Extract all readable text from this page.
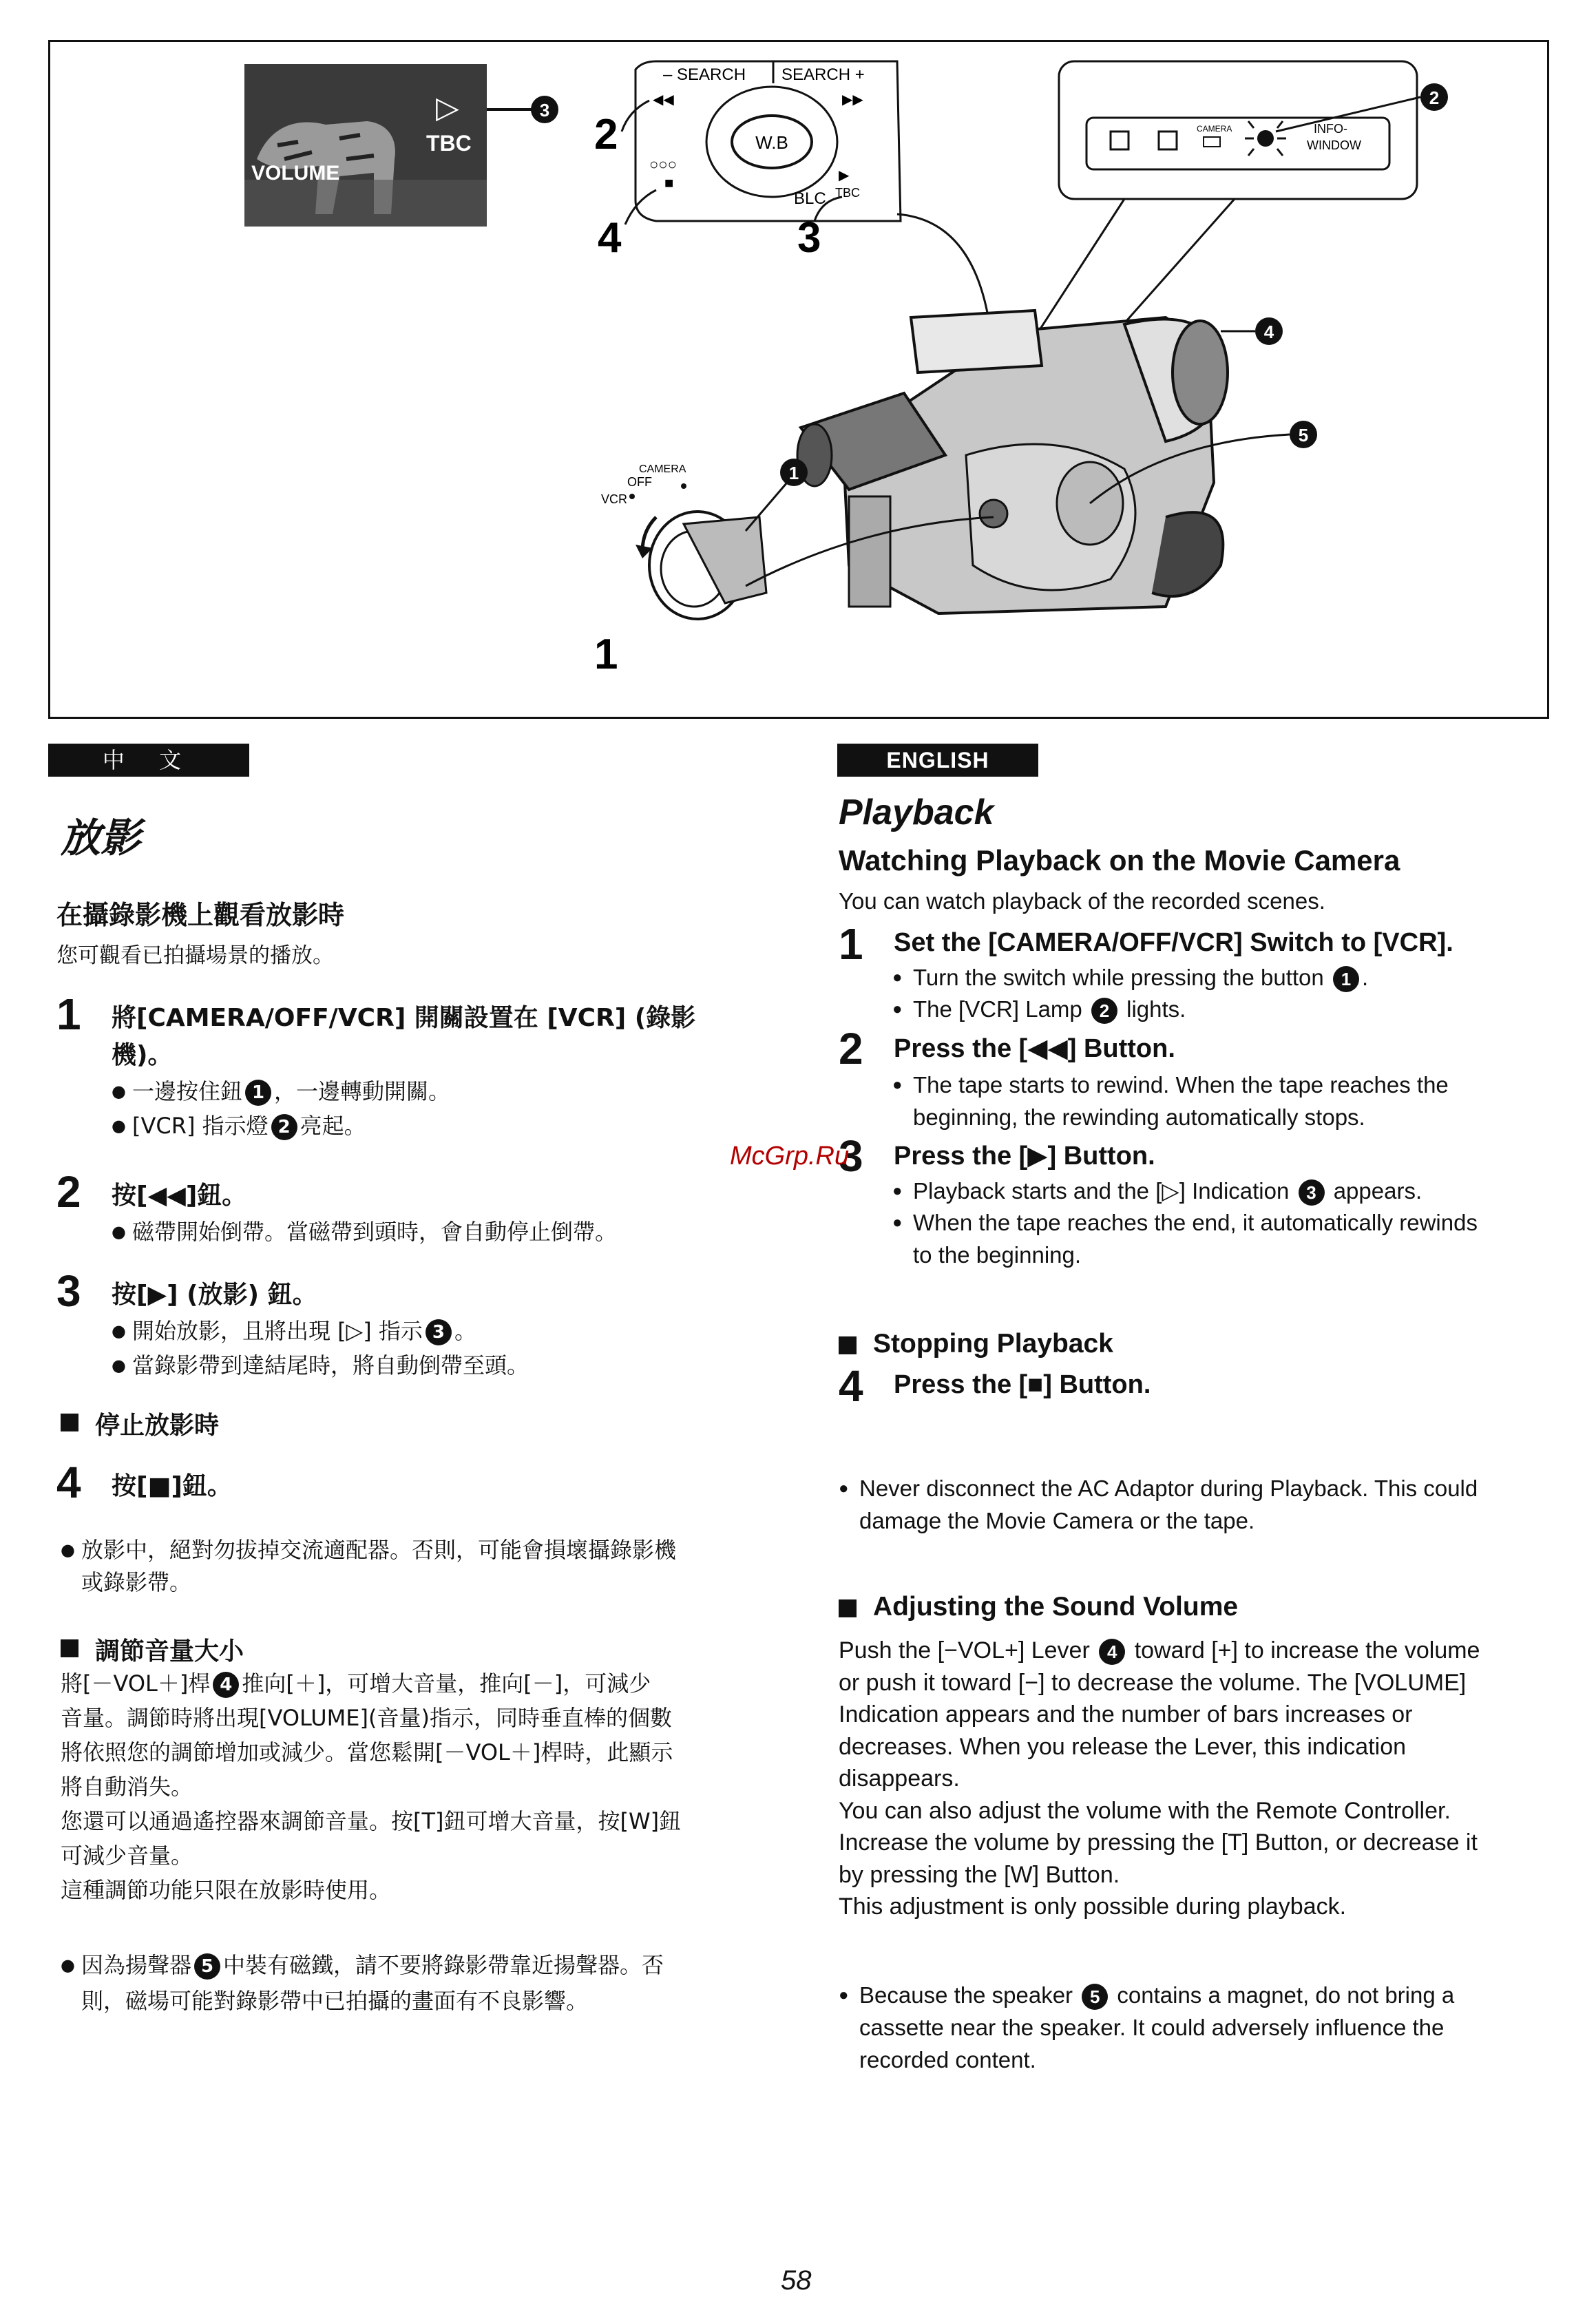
▷
TBC
VOLUME
3
– SEARCH SEARCH +
◀◀	▶▶
W.B
BLC
▶
TBC
○○○
■
2
4	3
CAMERA	INFO-
WINDOW
2
4
5
CAMERA
OFF
VCR
1
1
中 文
放影
在攝錄影機上觀看放影時
您可觀看已拍攝場景的播放。
1 將[CAMERA/OFF/VCR] 開關設置在 [VCR] (錄影
機)。
● 一邊按住鈕 1 ，一邊轉動開關。
● [VCR] 指示燈 2 亮起。
2 按[◀◀]鈕。
● 磁帶開始倒帶。當磁帶到頭時，會自動停止倒帶。
3 按[▶] (放影) 鈕。
● 開始放影，且將出現 [▷] 指示 3 。
● 當錄影帶到達結尾時，將自動倒帶至頭。
停止放影時
4 按[■]鈕。
● 放影中，絕對勿拔掉交流適配器。否則，可能會損壞攝錄影機
或錄影帶。
調節音量大小
將[－VOL＋]桿 4 推向[＋]，可增大音量，推向[－]，可減少
音量。調節時將出現[VOLUME](音量)指示，同時垂直棒的個數
將依照您的調節增加或減少。當您鬆開[－VOL＋]桿時，此顯示
將自動消失。
您還可以通過遙控器來調節音量。按[T]鈕可增大音量，按[W]鈕
可減少音量。
這種調節功能只限在放影時使用。
● 因為揚聲器 5 中裝有磁鐵，請不要將錄影帶靠近揚聲器。否
則，磁場可能對錄影帶中已拍攝的畫面有不良影響。
ENGLISH
Playback
Watching Playback on the Movie Camera
You can watch playback of the recorded scenes.
1 Set the [CAMERA/OFF/VCR] Switch to [VCR].
● Turn the switch while pressing the button 1 .
● The [VCR] Lamp 2 lights.
2 Press the [◀◀] Button.
● The tape starts to rewind. When the tape reaches the
beginning, the rewinding automatically stops.
3 Press the [▶] Button.
● Playback starts and the [▷] Indication 3 appears.
● When the tape reaches the end, it automatically rewinds
to the beginning.
Stopping Playback
4 Press the [■] Button.
● Never disconnect the AC Adaptor during Playback. This could
damage the Movie Camera or the tape.
Adjusting the Sound Volume
Push the [−VOL+] Lever 4 toward [+] to increase the volume
or push it toward [−] to decrease the volume. The [VOLUME]
Indication appears and the number of bars increases or
decreases. When you release the Lever, this indication
disappears.
You can also adjust the volume with the Remote Controller.
Increase the volume by pressing the [T] Button, or decrease it
by pressing the [W] Button.
This adjustment is only possible during playback.
● Because the speaker 5 contains a magnet, do not bring a
cassette near the speaker. It could adversely influence the
recorded content.
McGrp.Ru
58
